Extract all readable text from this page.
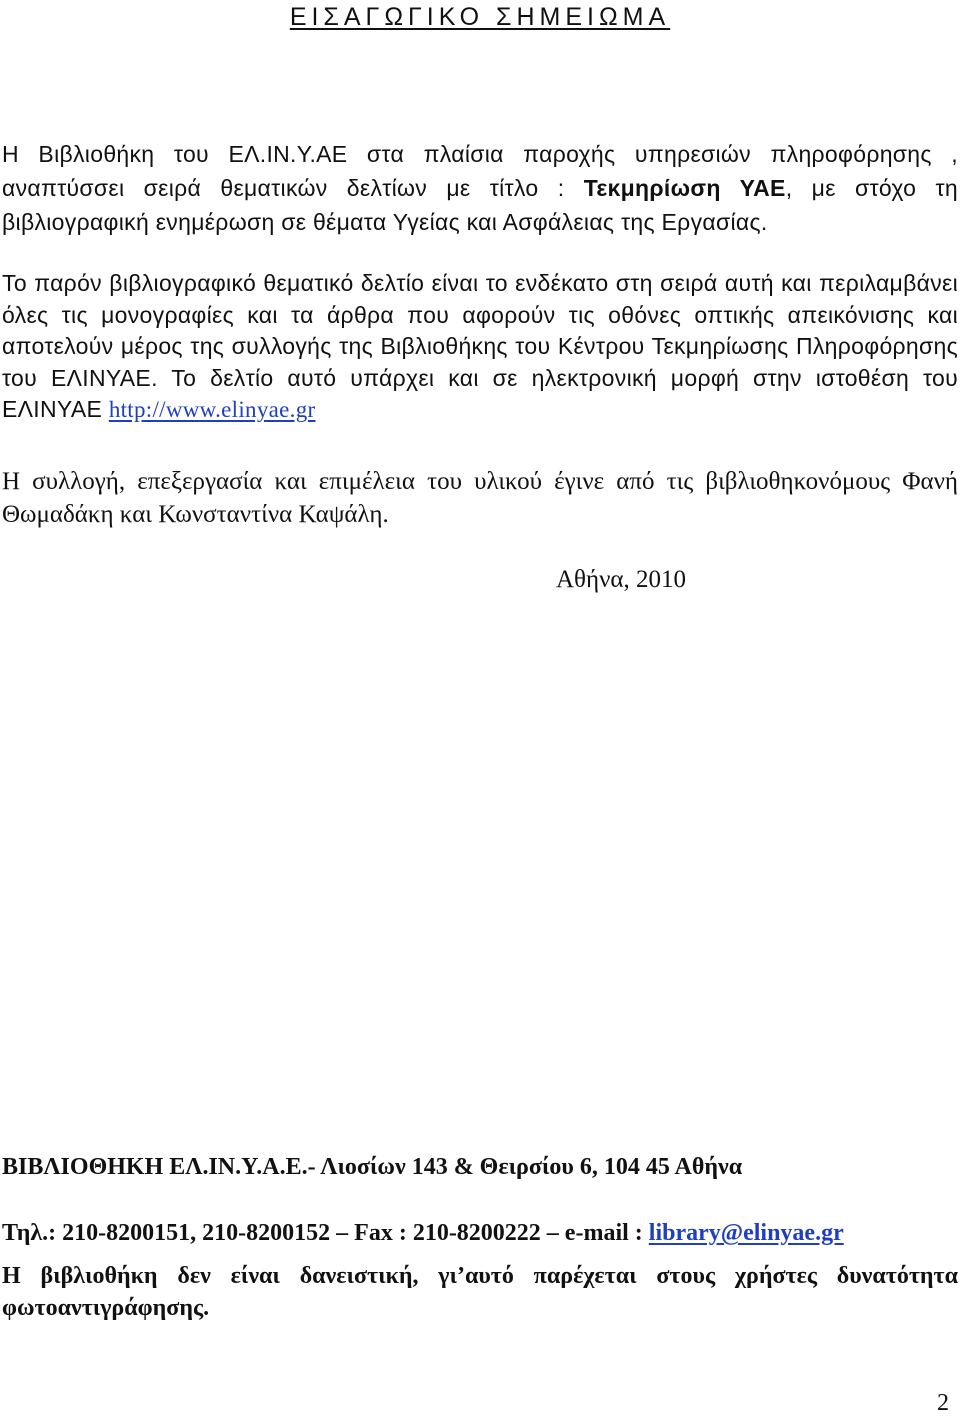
ΕΙΣΑΓΩΓΙΚΟ ΣΗΜΕΙΩΜΑ

Η Βιβλιοθήκη του ΕΛ.ΙΝ.Υ.ΑΕ στα πλαίσια παροχής υπηρεσιών πληροφόρησης , αναπτύσσει σειρά θεματικών δελτίων με τίτλο : Τεκμηρίωση ΥΑΕ, με στόχο τη βιβλιογραφική ενημέρωση σε θέματα Υγείας και Ασφάλειας της Εργασίας.

Το παρόν βιβλιογραφικό θεματικό δελτίο είναι το ενδέκατο στη σειρά αυτή και περιλαμβάνει όλες τις μονογραφίες και τα άρθρα που αφορούν τις οθόνες οπτικής απεικόνισης και αποτελούν μέρος της συλλογής της Βιβλιοθήκης του Κέντρου Τεκμηρίωσης Πληροφόρησης του ΕΛΙΝΥΑΕ. Το δελτίο αυτό υπάρχει και σε ηλεκτρονική μορφή στην ιστοθέση του ΕΛΙΝΥΑΕ http://www.elinyae.gr

Η συλλογή, επεξεργασία και επιμέλεια του υλικού έγινε από τις βιβλιοθηκονόμους Φανή Θωμαδάκη και Κωνσταντίνα Καψάλη.

Αθήνα, 2010

ΒΙΒΛΙΟΘΗΚΗ ΕΛ.ΙΝ.Υ.Α.Ε.- Λιοσίων 143 & Θειρσίου 6, 104 45 Αθήνα

Τηλ.: 210-8200151, 210-8200152 – Fax : 210-8200222 – e-mail : library@elinyae.gr

Η βιβλιοθήκη δεν είναι δανειστική, γι’αυτό παρέχεται στους χρήστες δυνατότητα φωτοαντιγράφησης.

2
